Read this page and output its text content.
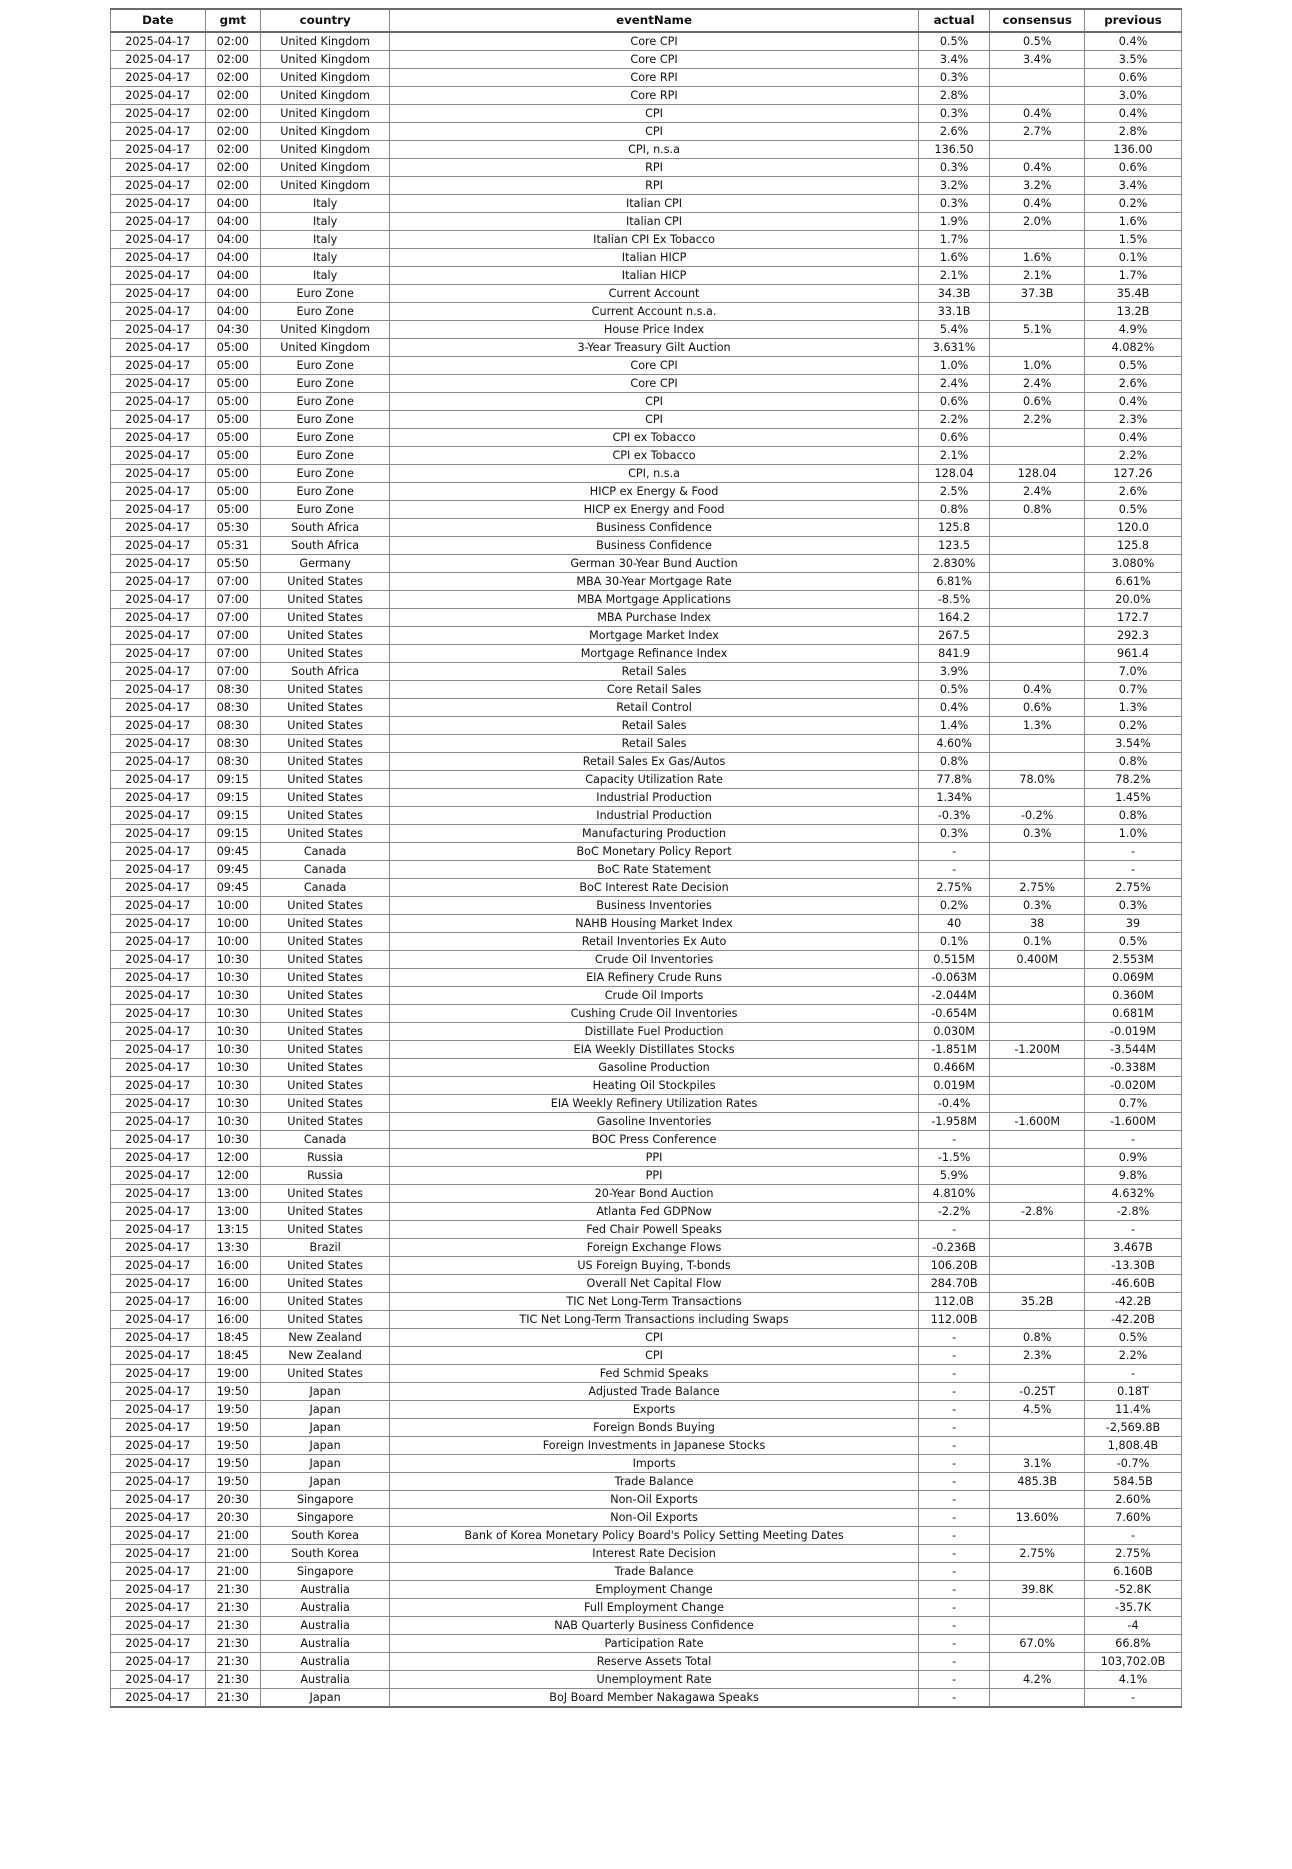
Date	gmt	country	eventName	actual	consensus	previous
2025-04-17	02:00	United Kingdom	Core CPI	0.5%	0.5%	0.4%
2025-04-17	02:00	United Kingdom	Core CPI	3.4%	3.4%	3.5%
2025-04-17	02:00	United Kingdom	Core RPI	0.3%		0.6%
2025-04-17	02:00	United Kingdom	Core RPI	2.8%		3.0%
2025-04-17	02:00	United Kingdom	CPI	0.3%	0.4%	0.4%
2025-04-17	02:00	United Kingdom	CPI	2.6%	2.7%	2.8%
2025-04-17	02:00	United Kingdom	CPI, n.s.a	136.50		136.00
2025-04-17	02:00	United Kingdom	RPI	0.3%	0.4%	0.6%
2025-04-17	02:00	United Kingdom	RPI	3.2%	3.2%	3.4%
2025-04-17	04:00	Italy	Italian CPI	0.3%	0.4%	0.2%
2025-04-17	04:00	Italy	Italian CPI	1.9%	2.0%	1.6%
2025-04-17	04:00	Italy	Italian CPI Ex Tobacco	1.7%		1.5%
2025-04-17	04:00	Italy	Italian HICP	1.6%	1.6%	0.1%
2025-04-17	04:00	Italy	Italian HICP	2.1%	2.1%	1.7%
2025-04-17	04:00	Euro Zone	Current Account	34.3B	37.3B	35.4B
2025-04-17	04:00	Euro Zone	Current Account n.s.a.	33.1B		13.2B
2025-04-17	04:30	United Kingdom	House Price Index	5.4%	5.1%	4.9%
2025-04-17	05:00	United Kingdom	3-Year Treasury Gilt Auction	3.631%		4.082%
2025-04-17	05:00	Euro Zone	Core CPI	1.0%	1.0%	0.5%
2025-04-17	05:00	Euro Zone	Core CPI	2.4%	2.4%	2.6%
2025-04-17	05:00	Euro Zone	CPI	0.6%	0.6%	0.4%
2025-04-17	05:00	Euro Zone	CPI	2.2%	2.2%	2.3%
2025-04-17	05:00	Euro Zone	CPI ex Tobacco	0.6%		0.4%
2025-04-17	05:00	Euro Zone	CPI ex Tobacco	2.1%		2.2%
2025-04-17	05:00	Euro Zone	CPI, n.s.a	128.04	128.04	127.26
2025-04-17	05:00	Euro Zone	HICP ex Energy & Food	2.5%	2.4%	2.6%
2025-04-17	05:00	Euro Zone	HICP ex Energy and Food	0.8%	0.8%	0.5%
2025-04-17	05:30	South Africa	Business Confidence	125.8		120.0
2025-04-17	05:31	South Africa	Business Confidence	123.5		125.8
2025-04-17	05:50	Germany	German 30-Year Bund Auction	2.830%		3.080%
2025-04-17	07:00	United States	MBA 30-Year Mortgage Rate	6.81%		6.61%
2025-04-17	07:00	United States	MBA Mortgage Applications	-8.5%		20.0%
2025-04-17	07:00	United States	MBA Purchase Index	164.2		172.7
2025-04-17	07:00	United States	Mortgage Market Index	267.5		292.3
2025-04-17	07:00	United States	Mortgage Refinance Index	841.9		961.4
2025-04-17	07:00	South Africa	Retail Sales	3.9%		7.0%
2025-04-17	08:30	United States	Core Retail Sales	0.5%	0.4%	0.7%
2025-04-17	08:30	United States	Retail Control	0.4%	0.6%	1.3%
2025-04-17	08:30	United States	Retail Sales	1.4%	1.3%	0.2%
2025-04-17	08:30	United States	Retail Sales	4.60%		3.54%
2025-04-17	08:30	United States	Retail Sales Ex Gas/Autos	0.8%		0.8%
2025-04-17	09:15	United States	Capacity Utilization Rate	77.8%	78.0%	78.2%
2025-04-17	09:15	United States	Industrial Production	1.34%		1.45%
2025-04-17	09:15	United States	Industrial Production	-0.3%	-0.2%	0.8%
2025-04-17	09:15	United States	Manufacturing Production	0.3%	0.3%	1.0%
2025-04-17	09:45	Canada	BoC Monetary Policy Report	-		-
2025-04-17	09:45	Canada	BoC Rate Statement	-		-
2025-04-17	09:45	Canada	BoC Interest Rate Decision	2.75%	2.75%	2.75%
2025-04-17	10:00	United States	Business Inventories	0.2%	0.3%	0.3%
2025-04-17	10:00	United States	NAHB Housing Market Index	40	38	39
2025-04-17	10:00	United States	Retail Inventories Ex Auto	0.1%	0.1%	0.5%
2025-04-17	10:30	United States	Crude Oil Inventories	0.515M	0.400M	2.553M
2025-04-17	10:30	United States	EIA Refinery Crude Runs	-0.063M		0.069M
2025-04-17	10:30	United States	Crude Oil Imports	-2.044M		0.360M
2025-04-17	10:30	United States	Cushing Crude Oil Inventories	-0.654M		0.681M
2025-04-17	10:30	United States	Distillate Fuel Production	0.030M		-0.019M
2025-04-17	10:30	United States	EIA Weekly Distillates Stocks	-1.851M	-1.200M	-3.544M
2025-04-17	10:30	United States	Gasoline Production	0.466M		-0.338M
2025-04-17	10:30	United States	Heating Oil Stockpiles	0.019M		-0.020M
2025-04-17	10:30	United States	EIA Weekly Refinery Utilization Rates	-0.4%		0.7%
2025-04-17	10:30	United States	Gasoline Inventories	-1.958M	-1.600M	-1.600M
2025-04-17	10:30	Canada	BOC Press Conference	-		-
2025-04-17	12:00	Russia	PPI	-1.5%		0.9%
2025-04-17	12:00	Russia	PPI	5.9%		9.8%
2025-04-17	13:00	United States	20-Year Bond Auction	4.810%		4.632%
2025-04-17	13:00	United States	Atlanta Fed GDPNow	-2.2%	-2.8%	-2.8%
2025-04-17	13:15	United States	Fed Chair Powell Speaks	-		-
2025-04-17	13:30	Brazil	Foreign Exchange Flows	-0.236B		3.467B
2025-04-17	16:00	United States	US Foreign Buying, T-bonds	106.20B		-13.30B
2025-04-17	16:00	United States	Overall Net Capital Flow	284.70B		-46.60B
2025-04-17	16:00	United States	TIC Net Long-Term Transactions	112.0B	35.2B	-42.2B
2025-04-17	16:00	United States	TIC Net Long-Term Transactions including Swaps	112.00B		-42.20B
2025-04-17	18:45	New Zealand	CPI	-	0.8%	0.5%
2025-04-17	18:45	New Zealand	CPI	-	2.3%	2.2%
2025-04-17	19:00	United States	Fed Schmid Speaks	-		-
2025-04-17	19:50	Japan	Adjusted Trade Balance	-	-0.25T	0.18T
2025-04-17	19:50	Japan	Exports	-	4.5%	11.4%
2025-04-17	19:50	Japan	Foreign Bonds Buying	-		-2,569.8B
2025-04-17	19:50	Japan	Foreign Investments in Japanese Stocks	-		1,808.4B
2025-04-17	19:50	Japan	Imports	-	3.1%	-0.7%
2025-04-17	19:50	Japan	Trade Balance	-	485.3B	584.5B
2025-04-17	20:30	Singapore	Non-Oil Exports	-		2.60%
2025-04-17	20:30	Singapore	Non-Oil Exports	-	13.60%	7.60%
2025-04-17	21:00	South Korea	Bank of Korea Monetary Policy Board's Policy Setting Meeting Dates	-		-
2025-04-17	21:00	South Korea	Interest Rate Decision	-	2.75%	2.75%
2025-04-17	21:00	Singapore	Trade Balance	-		6.160B
2025-04-17	21:30	Australia	Employment Change	-	39.8K	-52.8K
2025-04-17	21:30	Australia	Full Employment Change	-		-35.7K
2025-04-17	21:30	Australia	NAB Quarterly Business Confidence	-		-4
2025-04-17	21:30	Australia	Participation Rate	-	67.0%	66.8%
2025-04-17	21:30	Australia	Reserve Assets Total	-		103,702.0B
2025-04-17	21:30	Australia	Unemployment Rate	-	4.2%	4.1%
2025-04-17	21:30	Japan	BoJ Board Member Nakagawa Speaks	-		-
